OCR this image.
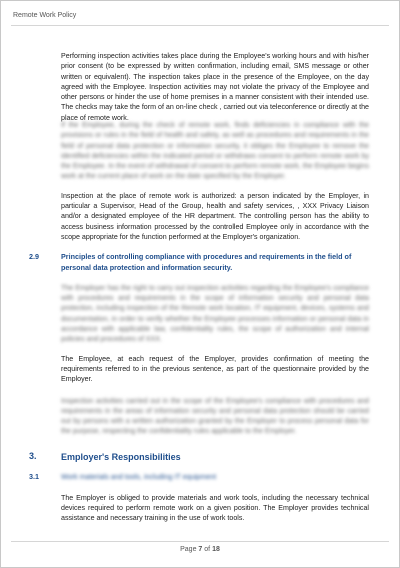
Remote Work Policy

Performing inspection activities takes place during the Employee's working hours and with his/her prior consent (to be expressed by written confirmation, including email, SMS message or other written or equivalent). The inspection takes place in the presence of the Employee, on the day agreed with the Employee. Inspection activities may not violate the privacy of the Employee and other persons or hinder the use of home premises in a manner consistent with their intended use. The checks may take the form of an on-line check , carried out via teleconference or directly at the place of remote work.

If the Employee, during the check of remote work, finds deficiencies in compliance with the provisions or rules in the field of health and safety, as well as procedures and requirements in the field of personal data protection or information security, it obliges the Employee to remove the identified deficiencies within the indicated period or withdraws consent to perform remote work by the Employee. In the event of withdrawal of consent to perform remote work, the Employee begins work at the current place of work on the date specified by the Employer.

Inspection at the place of remote work is authorized: a person indicated by the Employer, in particular a Supervisor, Head of the Group, health and safety services, , XXX Privacy Liaison and/or a designated employee of the HR department. The controlling person has the ability to access business information processed by the controlled Employee only in accordance with the scope appropriate for the function performed at the Employer's organization.

2.9	Principles of controlling compliance with procedures and requirements in the field of personal data protection and information security.

The Employer has the right to carry out inspection activities regarding the Employee's compliance with procedures and requirements in the scope of information security and personal data protection, including inspection of the Remote work location, IT equipment, devices, systems and documentation, in order to verify whether the Employee processes information or personal data in accordance with applicable law, confidentiality rules, the scope of authorization and internal policies and procedures of XXX.

The Employee, at each request of the Employer, provides confirmation of meeting the requirements referred to in the previous sentence, as part of the questionnaire provided by the Employer.

Inspection activities carried out in the scope of the Employee's compliance with procedures and requirements in the areas of information security and personal data protection should be carried out by persons with a written authorization granted by the Employer to process personal data for the purpose, respecting the confidentiality rules applicable to the Employer.

3.	Employer's Responsibilities
3.1	Work materials and tools, including IT equipment

The Employer is obliged to provide materials and work tools, including the necessary technical devices required to perform remote work on a given position. The Employer provides technical assistance and necessary training in the use of work tools.

Page 7 of 18
